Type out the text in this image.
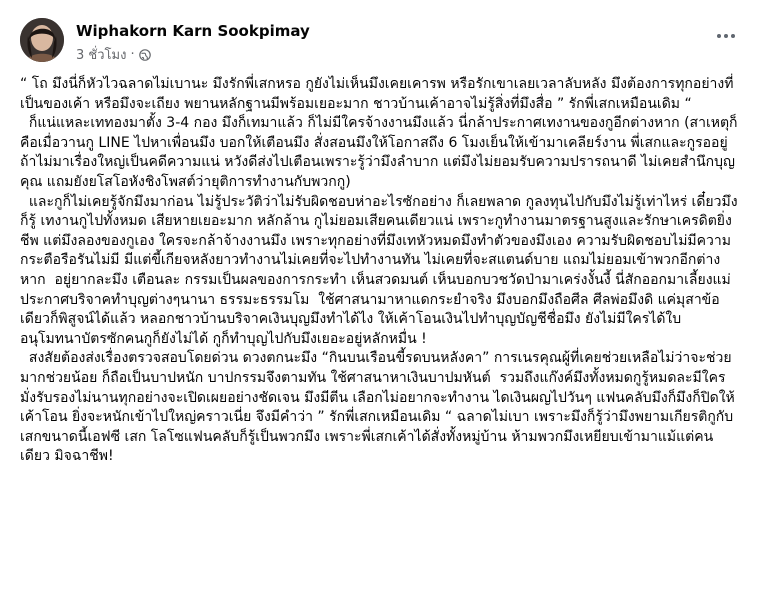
Wiphakorn Karn Sookpimay
3 ชั่วโมง ·

“ โถ มึงนี่ก็หัวไวฉลาดไม่เบานะ มึงรักพี่เสกหรอ กูยังไม่เห็นมึงเคยเคารพ หรือรักเขาเลยเวลาลับหลัง มึงต้องการทุกอย่างที่เป็นของเค้า หรือมึงจะเถียง พยานหลักฐานมีพร้อมเยอะมาก ชาวบ้านเค้าอาจไม่รู้สิ่งที่มึงสื่อ ” รักพี่เสกเหมือนเดิม “

ก็แน่แหละเททองมาตั้ง 3-4 กอง มึงก็เทมาแล้ว ก็ไม่มีใครจ้างงานมึงแล้ว นี่กล้าประกาศเทงานของกูอีกต่างหาก (สาเหตุก็คือเมื่อวานกู LINE ไปหาเพื่อนมึง บอกให้เตือนมึง สั่งสอนมึงให้โอกาสถึง 6 โมงเย็นให้เข้ามาเคลียร์งาน พี่เสกและกูรออยู่ ถ้าไม่มาเรื่องใหญ่เป็นคดีความแน่ หวังดีส่งไปเตือนเพราะรู้ว่ามึงลำบาก แต่มึงไม่ยอมรับความปรารถนาดี ไม่เคยสำนึกบุญคุณ แถมยังยโสโอหังชิงโพสต์ว่ายุติการทำงานกับพวกกู)

และกูก็ไม่เคยรู้จักมึงมาก่อน ไม่รู้ประวัติว่าไม่รับผิดชอบห่าอะไรซักอย่าง ก็เลยพลาด กูลงทุนไปกับมึงไม่รู้เท่าไหร่ เดี๋ยวมึงก็รู้ เทงานกูไปทั้งหมด เสียหายเยอะมาก หลักล้าน กูไม่ยอมเสียคนเดียวแน่ เพราะกูทำงานมาตรฐานสูงและรักษาเครดิตยิ่งชีพ แต่มึงลองของกูเอง ใครจะกล้าจ้างงานมึง เพราะทุกอย่างที่มึงเทหัวหมดมึงทำตัวของมึงเอง ความรับผิดชอบไม่มีความ กระตือรือรันไม่มี มีแต่ขี้เกียจหลังยาวทำงานไม่เคยที่จะไปทำงานทัน ไม่เคยที่จะสแตนด์บาย แถมไม่ยอมเข้าพวกอีกต่างหาก  อยู่ยากละมึง เตือนละ กรรมเป็นผลของการกระทำ เห็นสวดมนต์ เห็นบอกบวชวัดป่ามาเคร่งงั้นงี้ นี่สักออกมาเลี้ยงแม่ประกาศบริจาคทำบุญต่างๆนานา ธรรมะธรรมโม  ใช้ศาสนามาหาแดกระยำจริง มึงบอกมึงถือศีล ศีลพ่อมึงดิ แค่มุสาข้อเดียวก็พิสูจน์ได้แล้ว หลอกชาวบ้านบริจาคเงินบุญมึงทำได้ไง ให้เค้าโอนเงินไปทำบุญบัญชีชื่อมึง ยังไม่มีใครได้ใบอนุโมทนาบัตรซักคนกูก็ยังไม่ได้ กูก็ทำบุญไปกับมึงเยอะอยู่หลักหมื่น !

สงสัยต้องส่งเรื่องตรวจสอบโดยด่วน ดวงตกนะมึง “กินบนเรือนขี้รดบนหลังคา” การเนรคุณผู้ที่เคยช่วยเหลือไม่ว่าจะช่วยมากช่วยน้อย ก็ถือเป็นบาปหนัก บาปกรรมจึงตามทัน ใช้ศาสนาหาเงินบาปมหันต์  รวมถึงแก๊งค์มึงทั้งหมดกูรู้หมดละมีใครมั่งรับรองไม่นานทุกอย่างจะเปิดเผยอย่างชัดเจน มึงมีตีน เลือกไม่อยากจะทำงาน ไดเงินผญไปวันๆ แฟนคลับมึงก็มึงก็ปิดให้เค้าโอน ยิ่งจะหนักเข้าไปใหญ่คราวเนี่ย จึงมีคำว่า ” รักพี่เสกเหมือนเดิม “ ฉลาดไม่เบา เพราะมึงก็รู้ว่ามึงพยามเกียรติกูกับเสกขนาดนี้เอฟซี เสก โลโซแฟนคลับก็รู้เป็นพวกมึง เพราะพี่เสกเค้าได้สั่งทั้งหมู่บ้าน ห้ามพวกมึงเหยียบเข้ามาแม้แต่คนเดียว มิจฉาชีพ!
